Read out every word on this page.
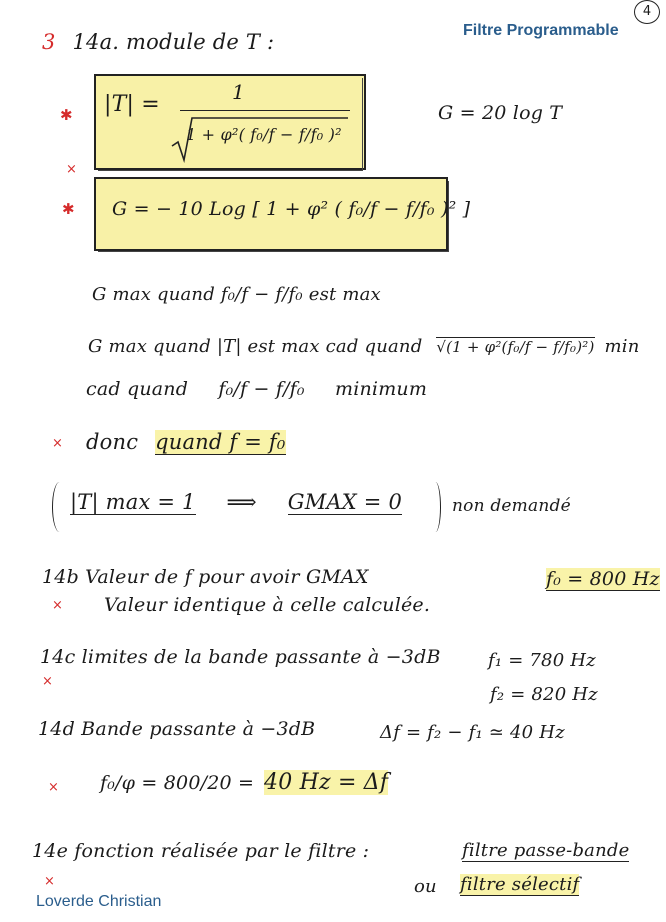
Filtre Programmable
4
Loverde Christian
3 14a. module de T :
✱ |T| =	1
1 + φ²( f₀/f − f/f₀ )²
G = 20 log T
×
✱ G = − 10 Log [ 1 + φ² ( f₀/f − f/f₀ )² ]
G max quand f₀/f − f/f₀ est max
G max quand |T| est max cad quand √(1 + φ²(f₀/f − f/f₀)²) min
cad quand f₀/f − f/f₀ minimum
× donc quand f = f₀
|T| max = 1 ⟹ GMAX = 0	non demandé
14b Valeur de f pour avoir GMAX
× Valeur identique à celle calculée.
f₀ = 800 Hz
14c limites de la bande passante à −3dB	f₁ = 780 Hz
×
f₂ = 820 Hz
14d Bande passante à −3dB	Δf = f₂ − f₁ ≃ 40 Hz
× f₀/φ = 800/20 = 40 Hz = Δf
14e fonction réalisée par le filtre :	filtre passe-bande
×	ou filtre sélectif
